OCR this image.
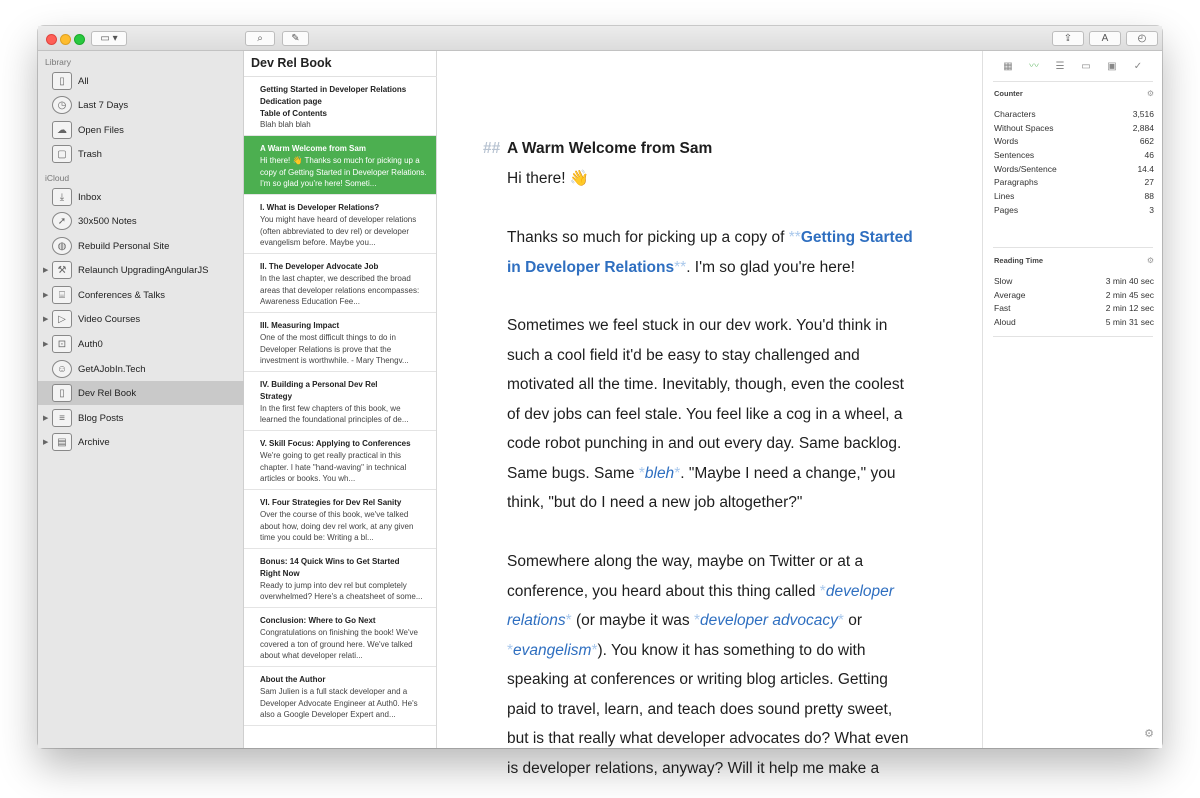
▭ ▾	⌕	✎	⇪	A	◴
Library
▯	All
◷	Last 7 Days
☁	Open Files
▢	Trash
iCloud
⤓	Inbox
➚	30x500 Notes
◍	Rebuild Personal Site
▶ ⚒	Relaunch UpgradingAngularJS
▶	⌸	Conferences & Talks
▶ ▷	Video Courses
▶ ⊡	Auth0
☺	GetAJobIn.Tech
▯	Dev Rel Book
▶	≡	Blog Posts
▶ ▤	Archive
Dev Rel Book
Getting Started in Developer Relations
Dedication page
Table of Contents
Blah blah blah
A Warm Welcome from Sam
Hi there! 👋 Thanks so much for picking up a copy of Getting Started in Developer Relations. I'm so glad you're here! Someti...
I. What is Developer Relations?
You might have heard of developer relations (often abbreviated to dev rel) or developer evangelism before. Maybe you...
II. The Developer Advocate Job
In the last chapter, we described the broad areas that developer relations encompasses: Awareness Education Fee...
III. Measuring Impact
One of the most difficult things to do in Developer Relations is prove that the investment is worthwhile. - Mary Thengv...
IV. Building a Personal Dev Rel Strategy
In the first few chapters of this book, we learned the foundational principles of de...
V. Skill Focus: Applying to Conferences
We're going to get really practical in this chapter. I hate "hand-waving" in technical articles or books. You wh...
VI. Four Strategies for Dev Rel Sanity
Over the course of this book, we've talked about how, doing dev rel work, at any given time you could be: Writing a bl...
Bonus: 14 Quick Wins to Get Started Right Now
Ready to jump into dev rel but completely overwhelmed? Here's a cheatsheet of some...
Conclusion: Where to Go Next
Congratulations on finishing the book! We've covered a ton of ground here. We've talked about what developer relati...
About the Author
Sam Julien is a full stack developer and a Developer Advocate Engineer at Auth0. He's also a Google Developer Expert and...
## A Warm Welcome from Sam
Hi there! 👋
Thanks so much for picking up a copy of **Getting Started in Developer Relations**. I'm so glad you're here!
Sometimes we feel stuck in our dev work. You'd think in such a cool field it'd be easy to stay challenged and motivated all the time. Inevitably, though, even the coolest of dev jobs can feel stale. You feel like a cog in a wheel, a code robot punching in and out every day. Same backlog. Same bugs. Same *bleh*. "Maybe I need a change," you think, "but do I need a new job altogether?"
Somewhere along the way, maybe on Twitter or at a conference, you heard about this thing called *developer relations* (or maybe it was *developer advocacy* or *evangelism*). You know it has something to do with speaking at conferences or writing blog articles. Getting paid to travel, learn, and teach does sound pretty sweet, but is that really what developer advocates do? What even is developer relations, anyway? Will it help me make a
▦ 〰 ☰ ▭ ▣ ✓
Counter	⚙
Characters	3,516
Without Spaces	2,884
Words	662
Sentences	46
Words/Sentence	14.4
Paragraphs	27
Lines	88
Pages	3
Reading Time	⚙
Slow	3 min 40 sec
Average	2 min 45 sec
Fast	2 min 12 sec
Aloud	5 min 31 sec
⚙
